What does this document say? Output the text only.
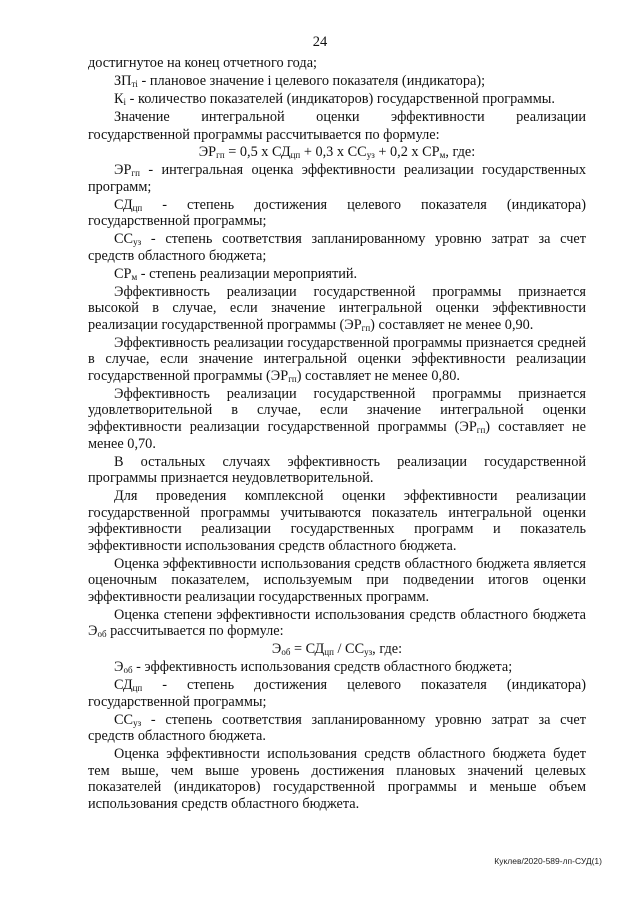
24

достигнутое на конец отчетного года;

$ЗП_{ті}$ - плановое значение i целевого показателя (индикатора);

$К_і$ - количество показателей (индикаторов) государственной программы.

Значение интегральной оценки эффективности реализации

государственной программы рассчитывается по формуле:

$ЭР_{гп} = 0,5$ х $СД_{цп} + 0,3$ х $СС_{уз} + 0,2$ х $СР_м$, где:

$ЭР_{гп}$ - интегральная оценка эффективности реализации государственных программ;

$СД_{цп}$ - степень достижения целевого показателя (индикатора) государственной программы;

$СС_{уз}$ - степень соответствия запланированному уровню затрат за счет средств областного бюджета;

$СР_м$ - степень реализации мероприятий.

Эффективность реализации государственной программы признается высокой в случае, если значение интегральной оценки эффективности реализации государственной программы $(ЭР_{гп})$ составляет не менее 0,90.

Эффективность реализации государственной программы признается средней в случае, если значение интегральной оценки эффективности реализации государственной программы $(ЭР_{гп})$ составляет не менее 0,80.

Эффективность реализации государственной программы признается удовлетворительной в случае, если значение интегральной оценки эффективности реализации государственной программы $(ЭР_{гп})$ составляет не менее 0,70.

В остальных случаях эффективность реализации государственной программы признается неудовлетворительной.

Для проведения комплексной оценки эффективности реализации государственной программы учитываются показатель интегральной оценки эффективности реализации государственных программ и показатель эффективности использования средств областного бюджета.

Оценка эффективности использования средств областного бюджета является оценочным показателем, используемым при подведении итогов оценки эффективности реализации государственных программ.

Оценка степени эффективности использования средств областного бюджета $Э_{об}$ рассчитывается по формуле:

$Э_{об} = СД_{цп} / СС_{уз}$, где:

$Э_{об}$ - эффективность использования средств областного бюджета;

$СД_{цп}$ - степень достижения целевого показателя (индикатора) государственной программы;

$СС_{уз}$ - степень соответствия запланированному уровню затрат за счет средств областного бюджета.

Оценка эффективности использования средств областного бюджета будет тем выше, чем выше уровень достижения плановых значений целевых показателей (индикаторов) государственной программы и меньше объем использования средств областного бюджета.

Куклев/2020-589-лп-СУД(1)
